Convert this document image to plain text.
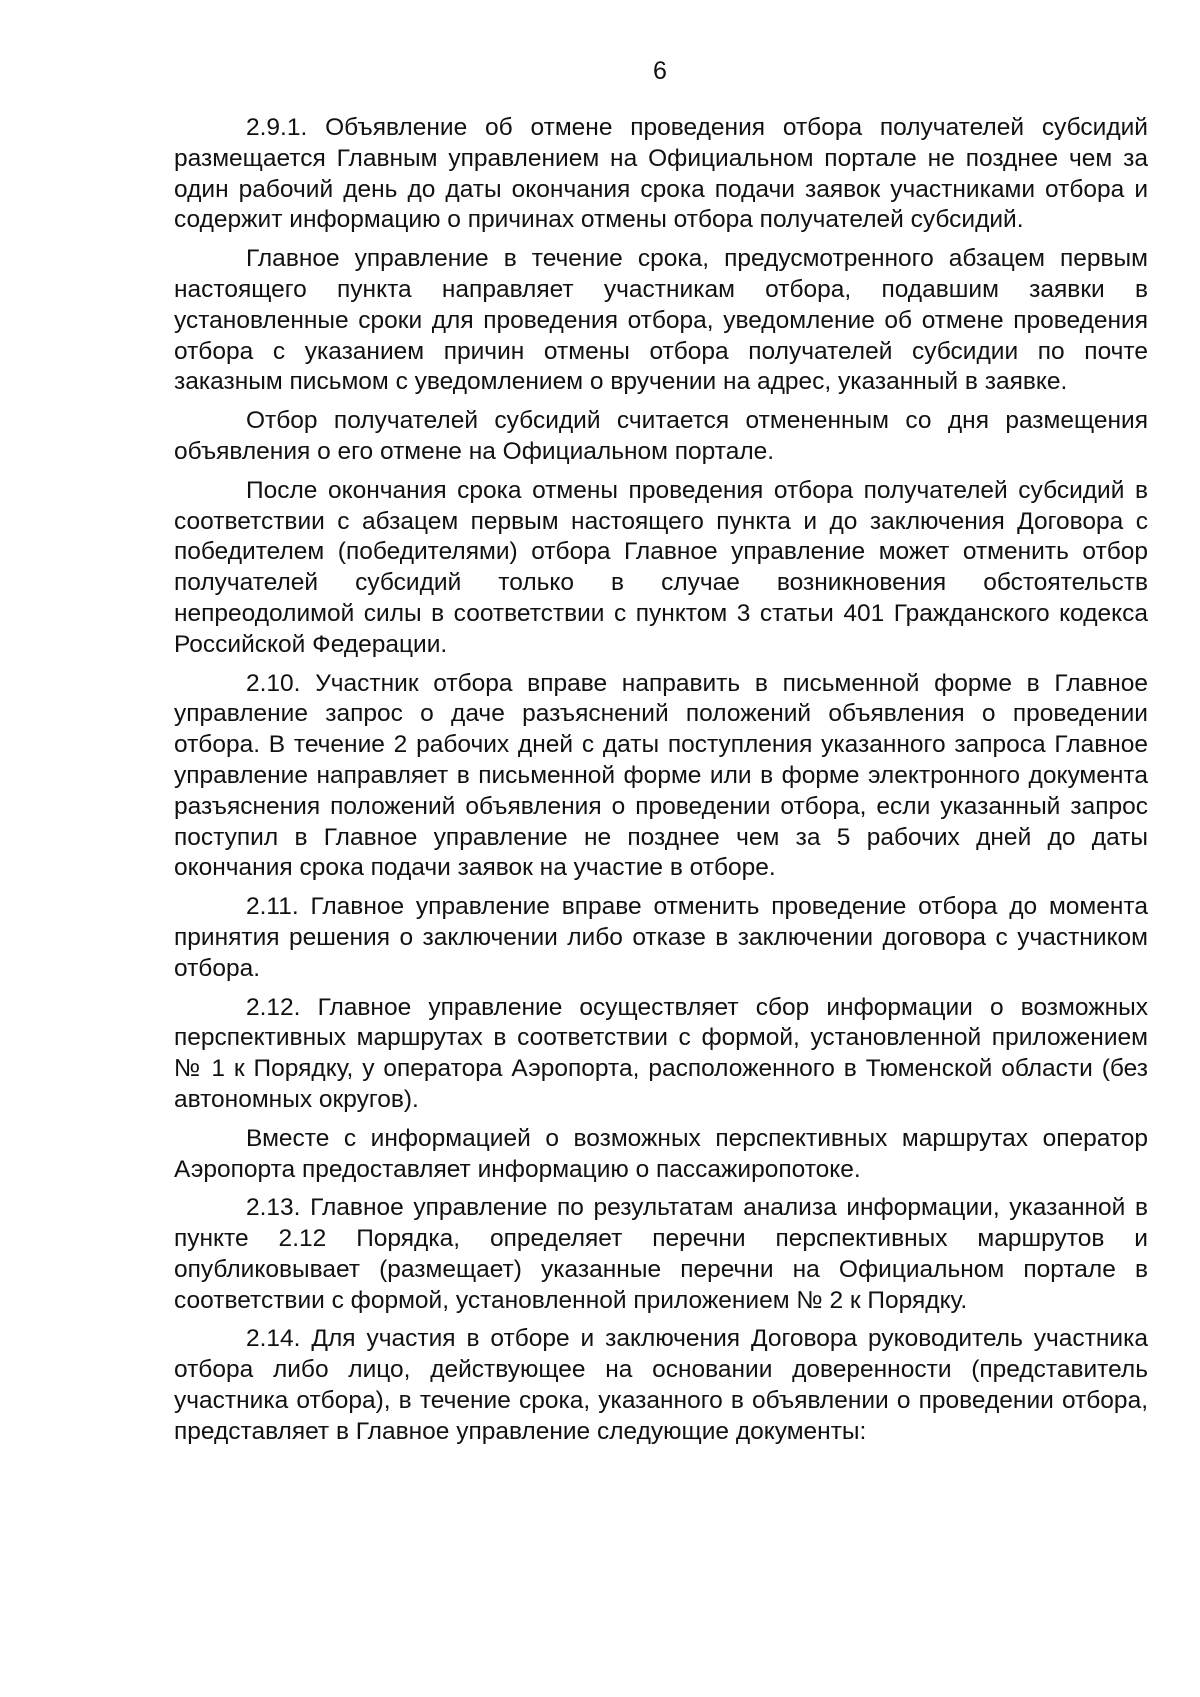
6

2.9.1. Объявление об отмене проведения отбора получателей субсидий размещается Главным управлением на Официальном портале не позднее чем за один рабочий день до даты окончания срока подачи заявок участниками отбора и содержит информацию о причинах отмены отбора получателей субсидий.

Главное управление в течение срока, предусмотренного абзацем первым настоящего пункта направляет участникам отбора, подавшим заявки в установленные сроки для проведения отбора, уведомление об отмене проведения отбора с указанием причин отмены отбора получателей субсидии по почте заказным письмом с уведомлением о вручении на адрес, указанный в заявке.

Отбор получателей субсидий считается отмененным со дня размещения объявления о его отмене на Официальном портале.

После окончания срока отмены проведения отбора получателей субсидий в соответствии с абзацем первым настоящего пункта и до заключения Договора с победителем (победителями) отбора Главное управление может отменить отбор получателей субсидий только в случае возникновения обстоятельств непреодолимой силы в соответствии с пунктом 3 статьи 401 Гражданского кодекса Российской Федерации.

2.10. Участник отбора вправе направить в письменной форме в Главное управление запрос о даче разъяснений положений объявления о проведении отбора. В течение 2 рабочих дней с даты поступления указанного запроса Главное управление направляет в письменной форме или в форме электронного документа разъяснения положений объявления о проведении отбора, если указанный запрос поступил в Главное управление не позднее чем за 5 рабочих дней до даты окончания срока подачи заявок на участие в отборе.

2.11. Главное управление вправе отменить проведение отбора до момента принятия решения о заключении либо отказе в заключении договора с участником отбора.

2.12. Главное управление осуществляет сбор информации о возможных перспективных маршрутах в соответствии с формой, установленной приложением № 1 к Порядку, у оператора Аэропорта, расположенного в Тюменской области (без автономных округов).

Вместе с информацией о возможных перспективных маршрутах оператор Аэропорта предоставляет информацию о пассажиропотоке.

2.13. Главное управление по результатам анализа информации, указанной в пункте 2.12 Порядка, определяет перечни перспективных маршрутов и опубликовывает (размещает) указанные перечни на Официальном портале в соответствии с формой, установленной приложением № 2 к Порядку.

2.14. Для участия в отборе и заключения Договора руководитель участника отбора либо лицо, действующее на основании доверенности (представитель участника отбора), в течение срока, указанного в объявлении о проведении отбора, представляет в Главное управление следующие документы:
